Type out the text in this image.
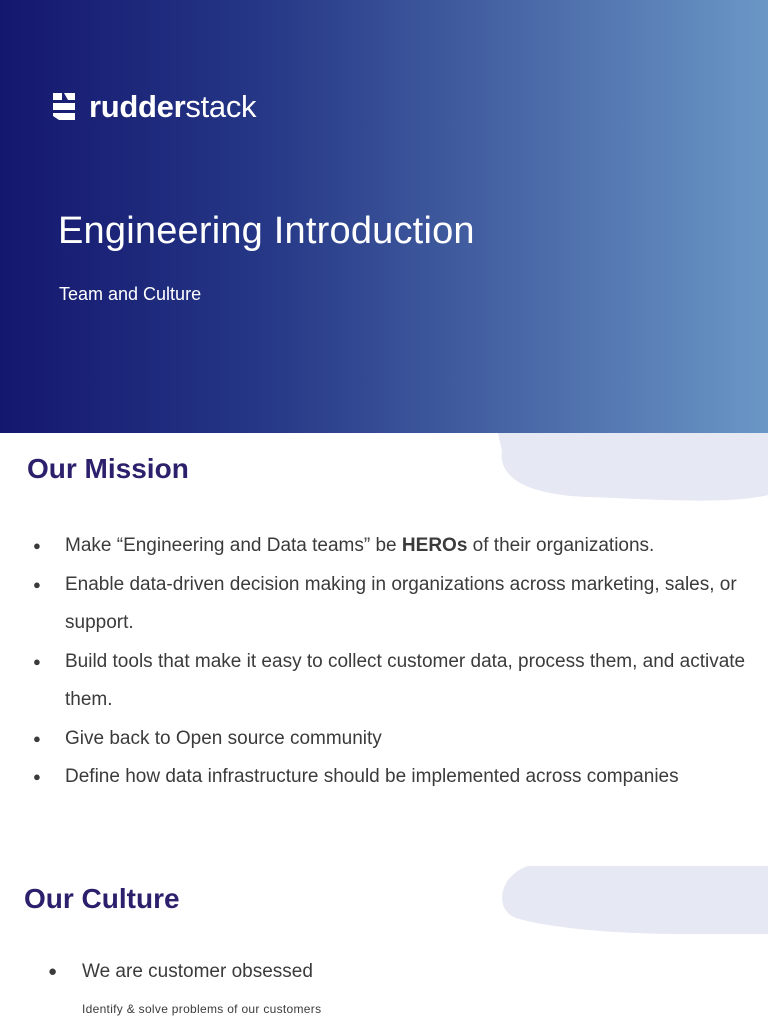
rudderstack
Engineering Introduction
Team and Culture
Our Mission
● Make “Engineering and Data teams” be HEROs of their organizations.
● Enable data-driven decision making in organizations across marketing, sales, or support.
● Build tools that make it easy to collect customer data, process them, and activate them.
● Give back to Open source community
● Define how data infrastructure should be implemented across companies
Our Culture
● We are customer obsessed
Identify & solve problems of our customers
